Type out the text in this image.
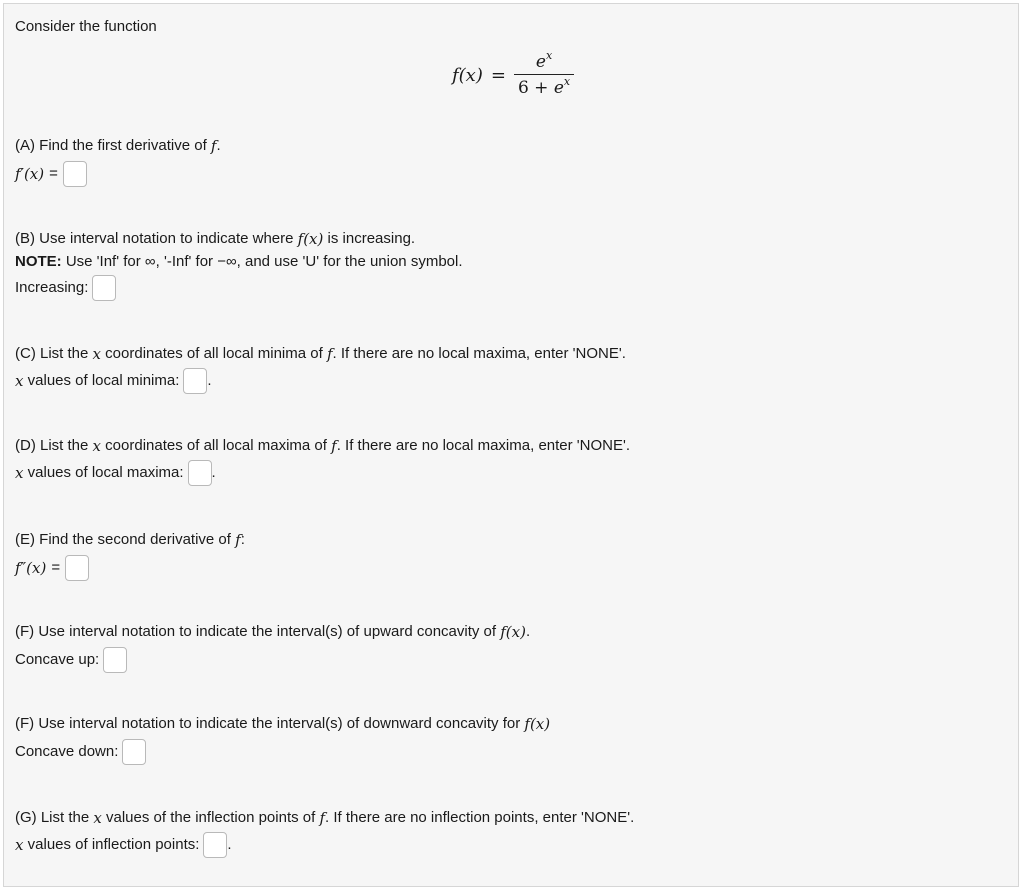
Consider the function
$f(x) = \frac{e^x}{6 + e^x}$
(A) Find the first derivative of
f .
f′(x) =
(B) Use interval notation to indicate where
f(x)
is increasing.
NOTE:
Use 'Inf' for ∞, '-Inf' for −∞, and use 'U' for the union symbol.
Increasing:
(C) List the
x
coordinates of all local minima of
f . If there are no local maxima, enter 'NONE'.
x
values of local minima: .
(D) List the
x
coordinates of all local maxima of
f . If there are no local maxima, enter 'NONE'.
x
values of local maxima: .
(E) Find the second derivative of
f :
f″(x) =
(F) Use interval notation to indicate the interval(s) of upward concavity of
f(x) .
Concave up:
(F) Use interval notation to indicate the interval(s) of downward concavity for
f(x)
Concave down:
(G) List the
x
values of the inflection points of
f . If there are no inflection points, enter 'NONE'.
x
values of inflection points: .
